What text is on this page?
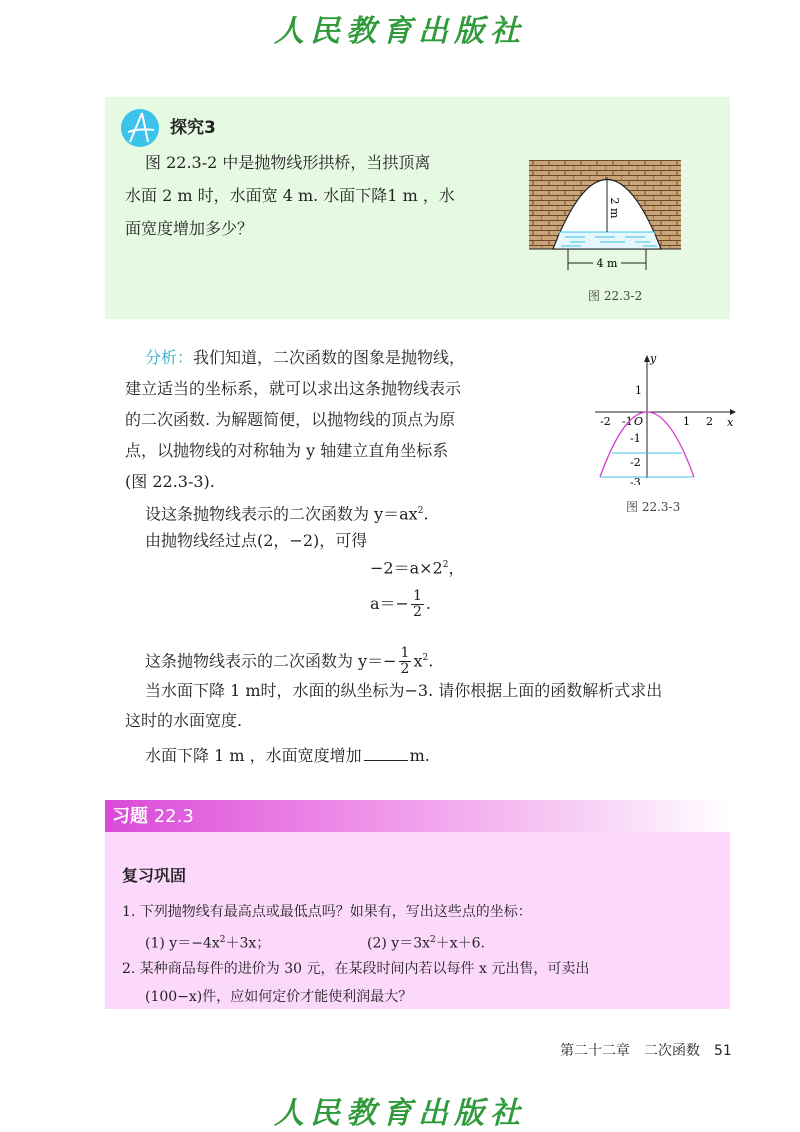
人民教育出版社
探究3
图 22.3-2 中是抛物线形拱桥，当拱顶离
水面 2 m 时，水面宽 4 m. 水面下降1 m ，水
面宽度增加多少？
2 m
4 m
图 22.3-2
分析：我们知道，二次函数的图象是抛物线，
建立适当的坐标系，就可以求出这条抛物线表示
的二次函数. 为解题简便，以抛物线的顶点为原
点，以抛物线的对称轴为 y 轴建立直角坐标系
(图 22.3-3).
设这条抛物线表示的二次函数为 $y=ax^2$.
由抛物线经过点(2，−2)，可得
$-2=a\times 2^2$，
$a=- \frac{1}{2}$ .
这条抛物线表示的二次函数为 $y=- \frac{1}{2} x^2$.
当水面下降 1 m时，水面的纵坐标为−3. 请你根据上面的函数解析式求出
这时的水面宽度.
水面下降 1 m ，水面宽度增加	m.
y
x
O
-2 -1	1 2
1
-1
-2
-3
图 22.3-3
习题 22.3
复习巩固
1. 下列抛物线有最高点或最低点吗？如果有，写出这些点的坐标：
(1) $y=-4x^2+3x$；	(2) $y=3x^2+x+6$.
2. 某种商品每件的进价为 30 元，在某段时间内若以每件 x 元出售，可卖出
(100−x)件，应如何定价才能使利润最大？
第二十二章　二次函数　 51
人民教育出版社
